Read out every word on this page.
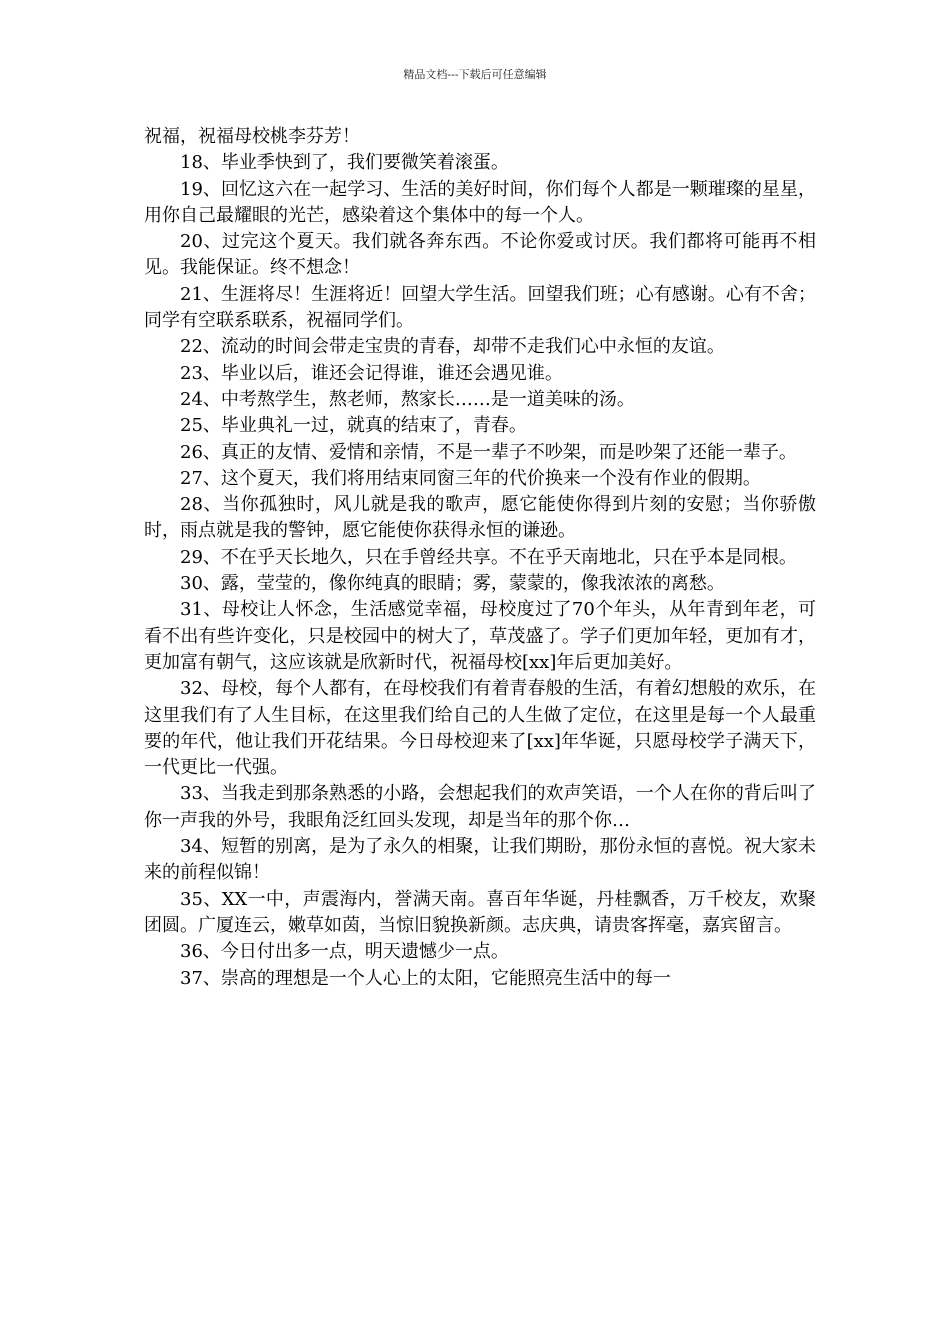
精品文档---下载后可任意编辑

祝福，祝福母校桃李芬芳！

18、毕业季快到了，我们要微笑着滚蛋。

19、回忆这六在一起学习、生活的美好时间，你们每个人都是一颗璀璨的星星，用你自己最耀眼的光芒，感染着这个集体中的每一个人。

20、过完这个夏天。我们就各奔东西。不论你爱或讨厌。我们都将可能再不相见。我能保证。终不想念！

21、生涯将尽！生涯将近！回望大学生活。回望我们班；心有感谢。心有不舍；同学有空联系联系，祝福同学们。

22、流动的时间会带走宝贵的青春，却带不走我们心中永恒的友谊。

23、毕业以后，谁还会记得谁，谁还会遇见谁。

24、中考熬学生，熬老师，熬家长……是一道美味的汤。

25、毕业典礼一过，就真的结束了，青春。

26、真正的友情、爱情和亲情，不是一辈子不吵架，而是吵架了还能一辈子。

27、这个夏天，我们将用结束同窗三年的代价换来一个没有作业的假期。

28、当你孤独时，风儿就是我的歌声，愿它能使你得到片刻的安慰；当你骄傲时，雨点就是我的警钟，愿它能使你获得永恒的谦逊。

29、不在乎天长地久，只在手曾经共享。不在乎天南地北，只在乎本是同根。

30、露，莹莹的，像你纯真的眼睛；雾，蒙蒙的，像我浓浓的离愁。

31、母校让人怀念，生活感觉幸福，母校度过了70个年头，从年青到年老，可看不出有些许变化，只是校园中的树大了，草茂盛了。学子们更加年轻，更加有才，更加富有朝气，这应该就是欣新时代，祝福母校[xx]年后更加美好。

32、母校，每个人都有，在母校我们有着青春般的生活，有着幻想般的欢乐，在这里我们有了人生目标，在这里我们给自己的人生做了定位，在这里是每一个人最重要的年代，他让我们开花结果。今日母校迎来了[xx]年华诞，只愿母校学子满天下，一代更比一代强。

33、当我走到那条熟悉的小路，会想起我们的欢声笑语，一个人在你的背后叫了你一声我的外号，我眼角泛红回头发现，却是当年的那个你…

34、短暂的别离，是为了永久的相聚，让我们期盼，那份永恒的喜悦。祝大家未来的前程似锦！

35、XX一中，声震海内，誉满天南。喜百年华诞，丹桂飘香，万千校友，欢聚团圆。广厦连云，嫩草如茵，当惊旧貌换新颜。志庆典，请贵客挥毫，嘉宾留言。

36、今日付出多一点，明天遗憾少一点。

37、崇高的理想是一个人心上的太阳，它能照亮生活中的每一
